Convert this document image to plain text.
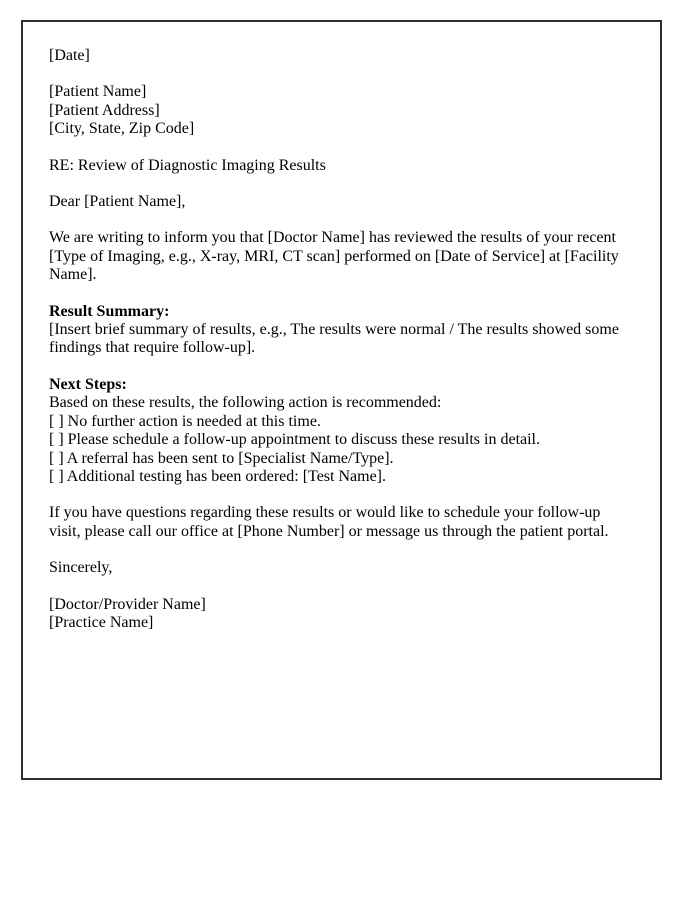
[Date]

[Patient Name]
[Patient Address]
[City, State, Zip Code]

RE: Review of Diagnostic Imaging Results

Dear [Patient Name],

We are writing to inform you that [Doctor Name] has reviewed the results of your recent [Type of Imaging, e.g., X-ray, MRI, CT scan] performed on [Date of Service] at [Facility Name].

Result Summary:
[Insert brief summary of results, e.g., The results were normal / The results showed some findings that require follow-up].
Next Steps:
Based on these results, the following action is recommended:
[ ] No further action is needed at this time.
[ ] Please schedule a follow-up appointment to discuss these results in detail.
[ ] A referral has been sent to [Specialist Name/Type].
[ ] Additional testing has been ordered: [Test Name].

If you have questions regarding these results or would like to schedule your follow-up visit, please call our office at [Phone Number] or message us through the patient portal.

Sincerely,

[Doctor/Provider Name]
[Practice Name]
